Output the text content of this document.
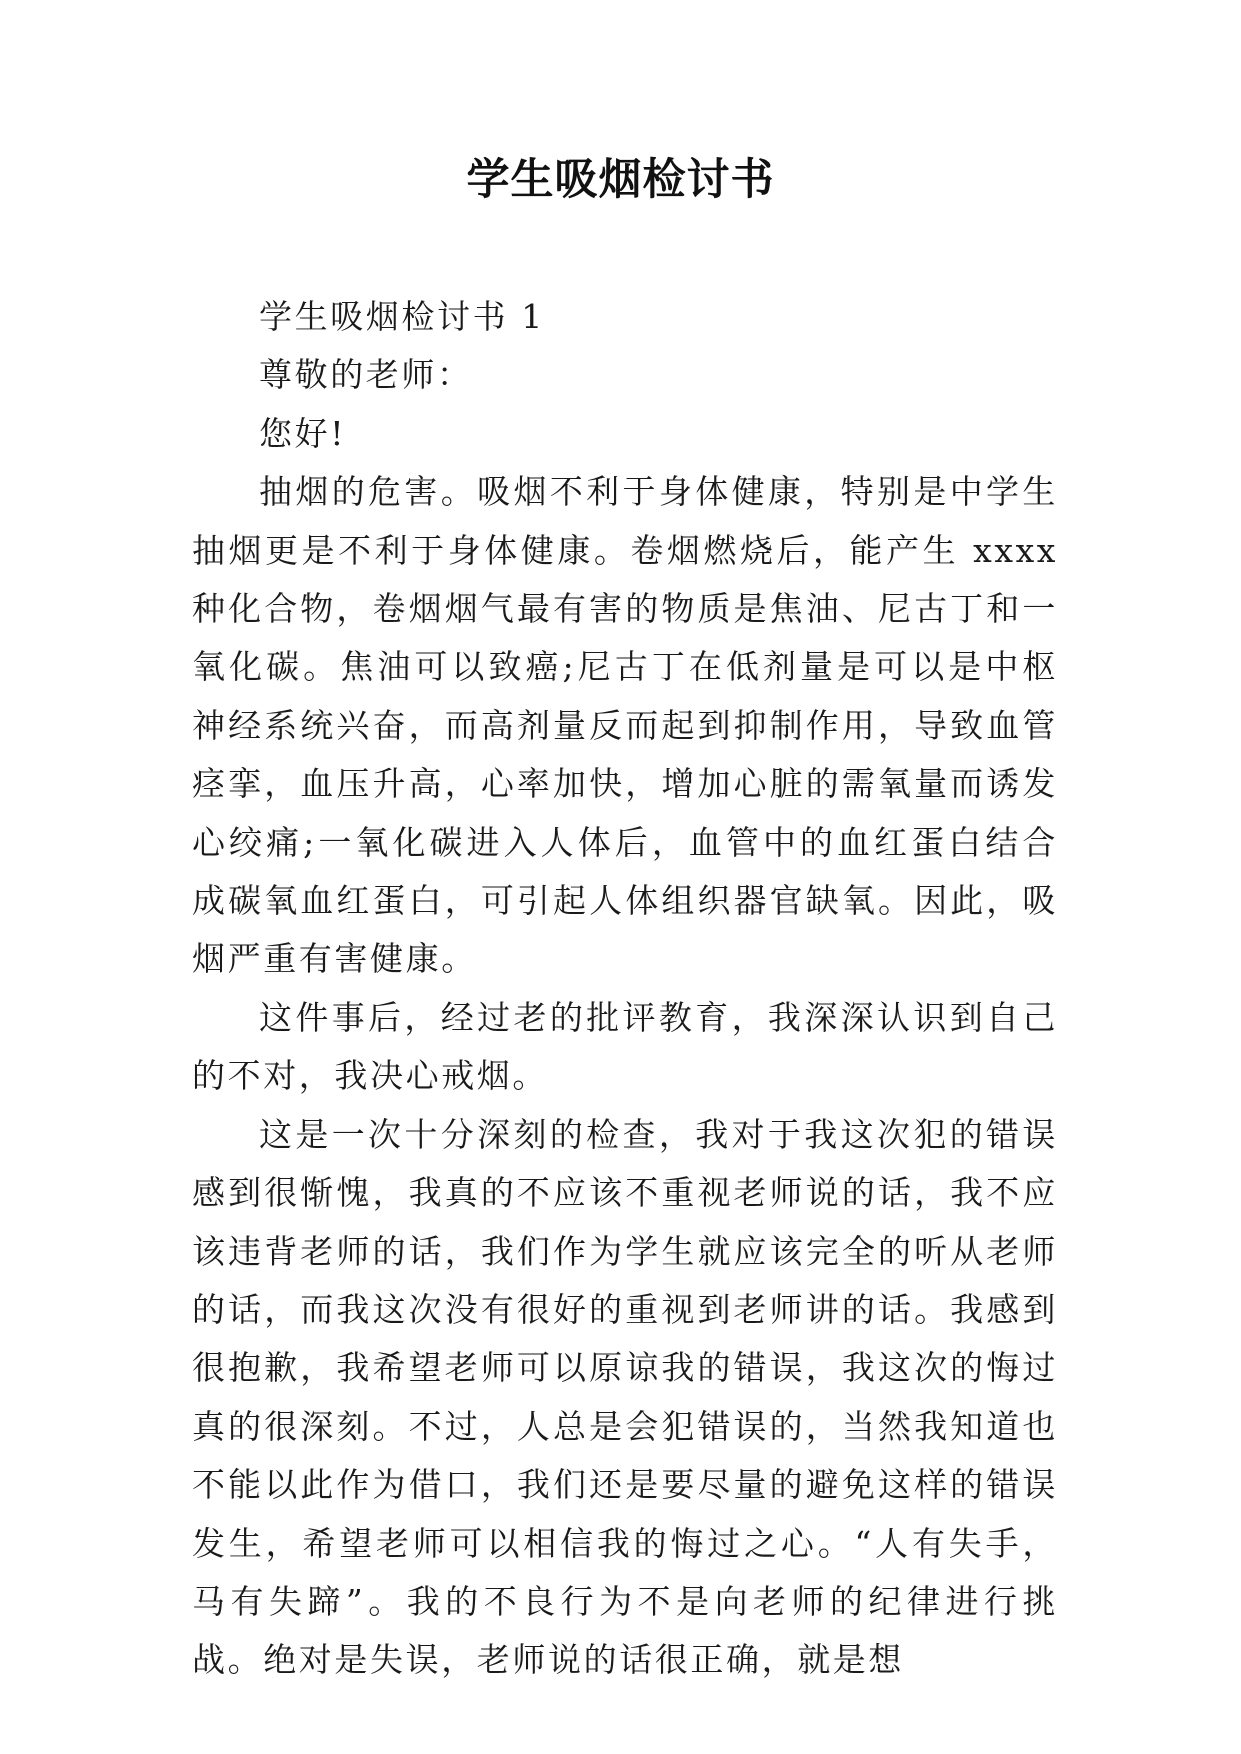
学生吸烟检讨书

学生吸烟检讨书 1

尊敬的老师：

您好!

抽烟的危害。吸烟不利于身体健康，特别是中学生抽烟更是不利于身体健康。卷烟燃烧后，能产生 xxxx 种化合物，卷烟烟气最有害的物质是焦油、尼古丁和一氧化碳。焦油可以致癌;尼古丁在低剂量是可以是中枢神经系统兴奋，而高剂量反而起到抑制作用，导致血管痉挛，血压升高，心率加快，增加心脏的需氧量而诱发心绞痛;一氧化碳进入人体后，血管中的血红蛋白结合成碳氧血红蛋白，可引起人体组织器官缺氧。因此，吸烟严重有害健康。

这件事后，经过老的批评教育，我深深认识到自己的不对，我决心戒烟。

这是一次十分深刻的检查，我对于我这次犯的错误感到很惭愧，我真的不应该不重视老师说的话，我不应该违背老师的话，我们作为学生就应该完全的听从老师的话，而我这次没有很好的重视到老师讲的话。我感到很抱歉，我希望老师可以原谅我的错误，我这次的悔过真的很深刻。不过，人总是会犯错误的，当然我知道也不能以此作为借口，我们还是要尽量的避免这样的错误发生，希望老师可以相信我的悔过之心。“人有失手，马有失蹄”。我的不良行为不是向老师的纪律进行挑战。绝对是失误，老师说的话很正确，就是想
